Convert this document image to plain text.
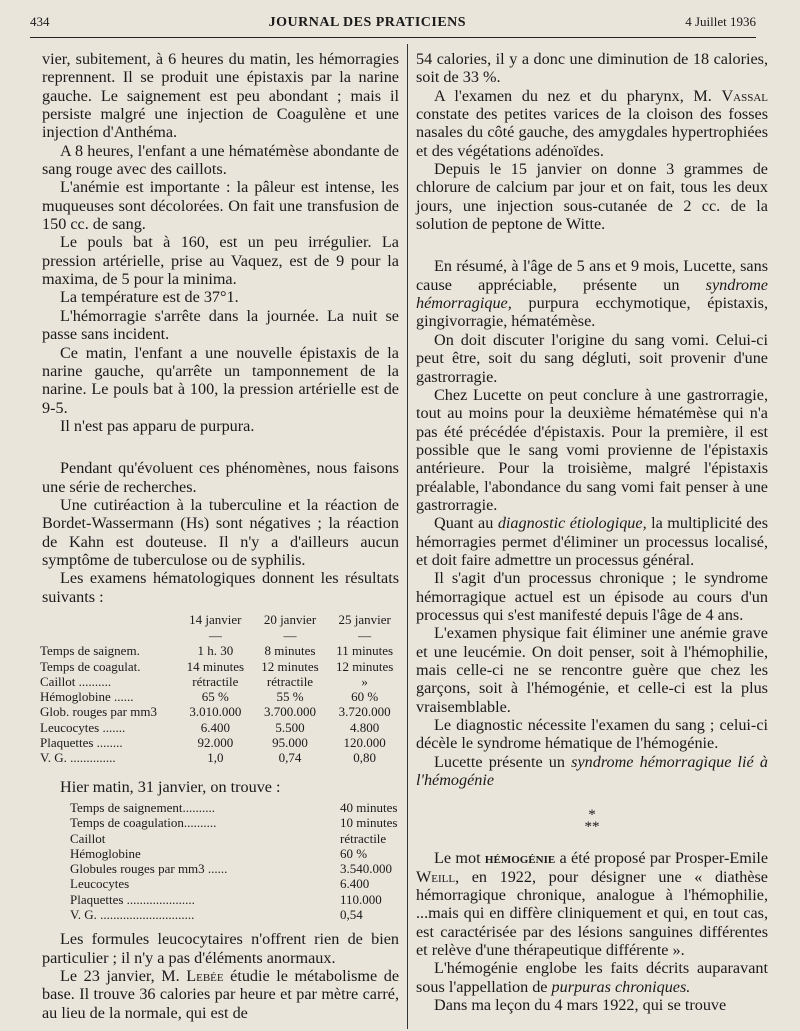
434	JOURNAL DES PRATICIENS	4 Juillet 1936

vier, subitement, à 6 heures du matin, les hémorragies reprennent. Il se produit une épistaxis par la narine gauche. Le saignement est peu abondant ; mais il persiste malgré une injection de Coagulène et une injection d'Anthéma.

A 8 heures, l'enfant a une hématémèse abondante de sang rouge avec des caillots.

L'anémie est importante : la pâleur est intense, les muqueuses sont décolorées. On fait une transfusion de 150 cc. de sang.

Le pouls bat à 160, est un peu irrégulier. La pression artérielle, prise au Vaquez, est de 9 pour la maxima, de 5 pour la minima.

La température est de 37°1.

L'hémorragie s'arrête dans la journée. La nuit se passe sans incident.

Ce matin, l'enfant a une nouvelle épistaxis de la narine gauche, qu'arrête un tamponnement de la narine. Le pouls bat à 100, la pression artérielle est de 9-5.

Il n'est pas apparu de purpura.

Pendant qu'évoluent ces phénomènes, nous faisons une série de recherches.

Une cutiréaction à la tuberculine et la réaction de Bordet-Wassermann (Hs) sont négatives ; la réaction de Kahn est douteuse. Il n'y a d'ailleurs aucun symptôme de tuberculose ou de syphilis.

Les examens hématologiques donnent les résultats suivants :

	14 janvier	20 janvier	25 janvier
	—	—	—
Temps de saignem.	1 h. 30	8 minutes	11 minutes
Temps de coagulat.	14 minutes	12 minutes	12 minutes
Caillot ..........	rétractile	rétractile	»
Hémoglobine ......	65 %	55 %	60 %
Glob. rouges par mm3	3.010.000	3.700.000	3.720.000
Leucocytes .......	6.400	5.500	4.800
Plaquettes ........	92.000	95.000	120.000
V. G. ..............	1,0	0,74	0,80

Hier matin, 31 janvier, on trouve :

Temps de saignement..........	40 minutes
Temps de coagulation..........	10 minutes
Caillot	rétractile
Hémoglobine	60 %
Globules rouges par mm3 ......	3.540.000
Leucocytes	6.400
Plaquettes .....................	110.000
V. G. .............................	0,54

Les formules leucocytaires n'offrent rien de bien particulier ; il n'y a pas d'éléments anormaux.

Le 23 janvier, M. Lebée étudie le métabolisme de base. Il trouve 36 calories par heure et par mètre carré, au lieu de la normale, qui est de

54 calories, il y a donc une diminution de 18 calories, soit de 33 %.

A l'examen du nez et du pharynx, M. Vassal constate des petites varices de la cloison des fosses nasales du côté gauche, des amygdales hypertrophiées et des végétations adénoïdes.

Depuis le 15 janvier on donne 3 grammes de chlorure de calcium par jour et on fait, tous les deux jours, une injection sous-cutanée de 2 cc. de la solution de peptone de Witte.

En résumé, à l'âge de 5 ans et 9 mois, Lucette, sans cause appréciable, présente un syndrome hémorragique, purpura ecchymotique, épistaxis, gingivorragie, hématémèse.

On doit discuter l'origine du sang vomi. Celui-ci peut être, soit du sang dégluti, soit provenir d'une gastrorragie.

Chez Lucette on peut conclure à une gastrorragie, tout au moins pour la deuxième hématémèse qui n'a pas été précédée d'épistaxis. Pour la première, il est possible que le sang vomi provienne de l'épistaxis antérieure. Pour la troisième, malgré l'épistaxis préalable, l'abondance du sang vomi fait penser à une gastrorragie.

Quant au diagnostic étiologique, la multiplicité des hémorragies permet d'éliminer un processus localisé, et doit faire admettre un processus général.

Il s'agit d'un processus chronique ; le syndrome hémorragique actuel est un épisode au cours d'un processus qui s'est manifesté depuis l'âge de 4 ans.

L'examen physique fait éliminer une anémie grave et une leucémie. On doit penser, soit à l'hémophilie, mais celle-ci ne se rencontre guère que chez les garçons, soit à l'hémogénie, et celle-ci est la plus vraisemblable.

Le diagnostic nécessite l'examen du sang ; celui-ci décèle le syndrome hématique de l'hémogénie.

Lucette présente un syndrome hémorragique lié à l'hémogénie

*
**

Le mot hémogénie a été proposé par Prosper-Emile Weill, en 1922, pour désigner une « diathèse hémorragique chronique, analogue à l'hémophilie, ...mais qui en diffère cliniquement et qui, en tout cas, est caractérisée par des lésions sanguines différentes et relève d'une thérapeutique différente ».

L'hémogénie englobe les faits décrits auparavant sous l'appellation de purpuras chroniques.

Dans ma leçon du 4 mars 1922, qui se trouve
